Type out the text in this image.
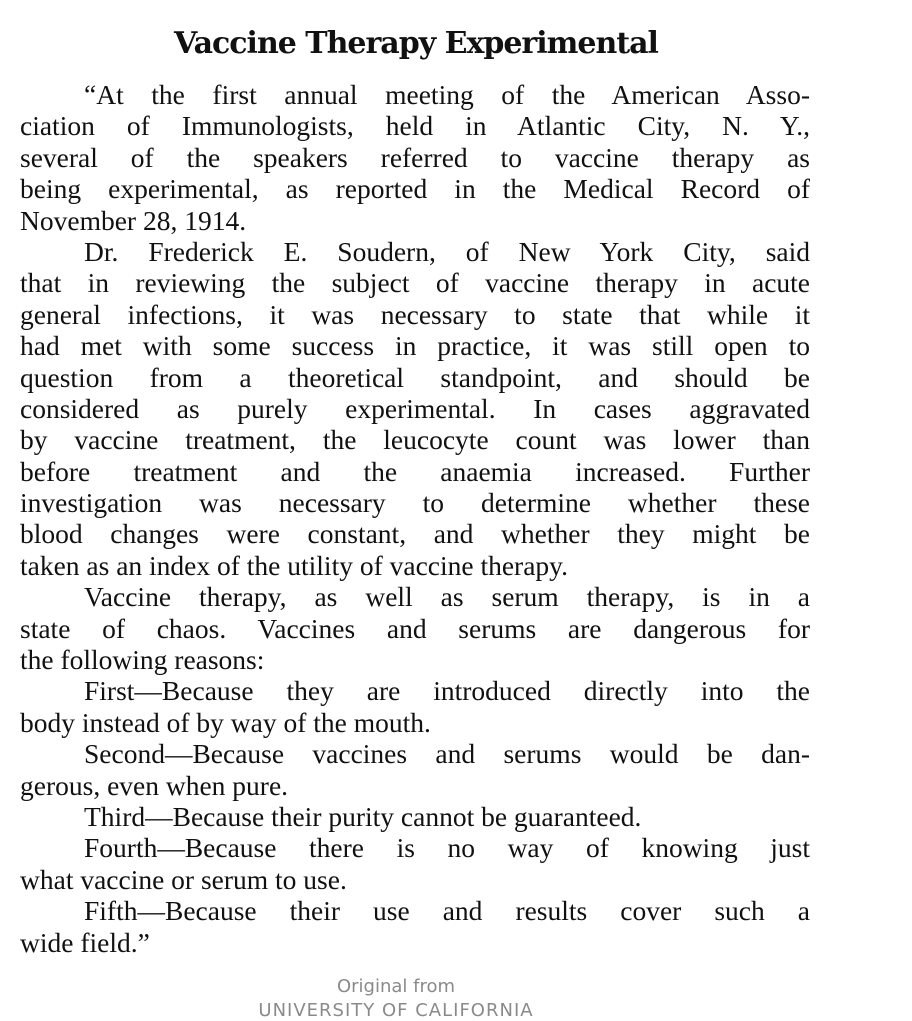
Vaccine Therapy Experimental
“At the first annual meeting of the American Asso-
ciation of Immunologists, held in Atlantic City, N. Y.,
several of the speakers referred to vaccine therapy as
being experimental, as reported in the Medical Record of
November 28, 1914.
Dr. Frederick E. Soudern, of New York City, said
that in reviewing the subject of vaccine therapy in acute
general infections, it was necessary to state that while it
had met with some success in practice, it was still open to
question from a theoretical standpoint, and should be
considered as purely experimental. In cases aggravated
by vaccine treatment, the leucocyte count was lower than
before treatment and the anaemia increased. Further
investigation was necessary to determine whether these
blood changes were constant, and whether they might be
taken as an index of the utility of vaccine therapy.
Vaccine therapy, as well as serum therapy, is in a
state of chaos. Vaccines and serums are dangerous for
the following reasons:
First—Because they are introduced directly into the
body instead of by way of the mouth.
Second—Because vaccines and serums would be dan-
gerous, even when pure.
Third—Because their purity cannot be guaranteed.
Fourth—Because there is no way of knowing just
what vaccine or serum to use.
Fifth—Because their use and results cover such a
wide field.”
Original from
UNIVERSITY OF CALIFORNIA
